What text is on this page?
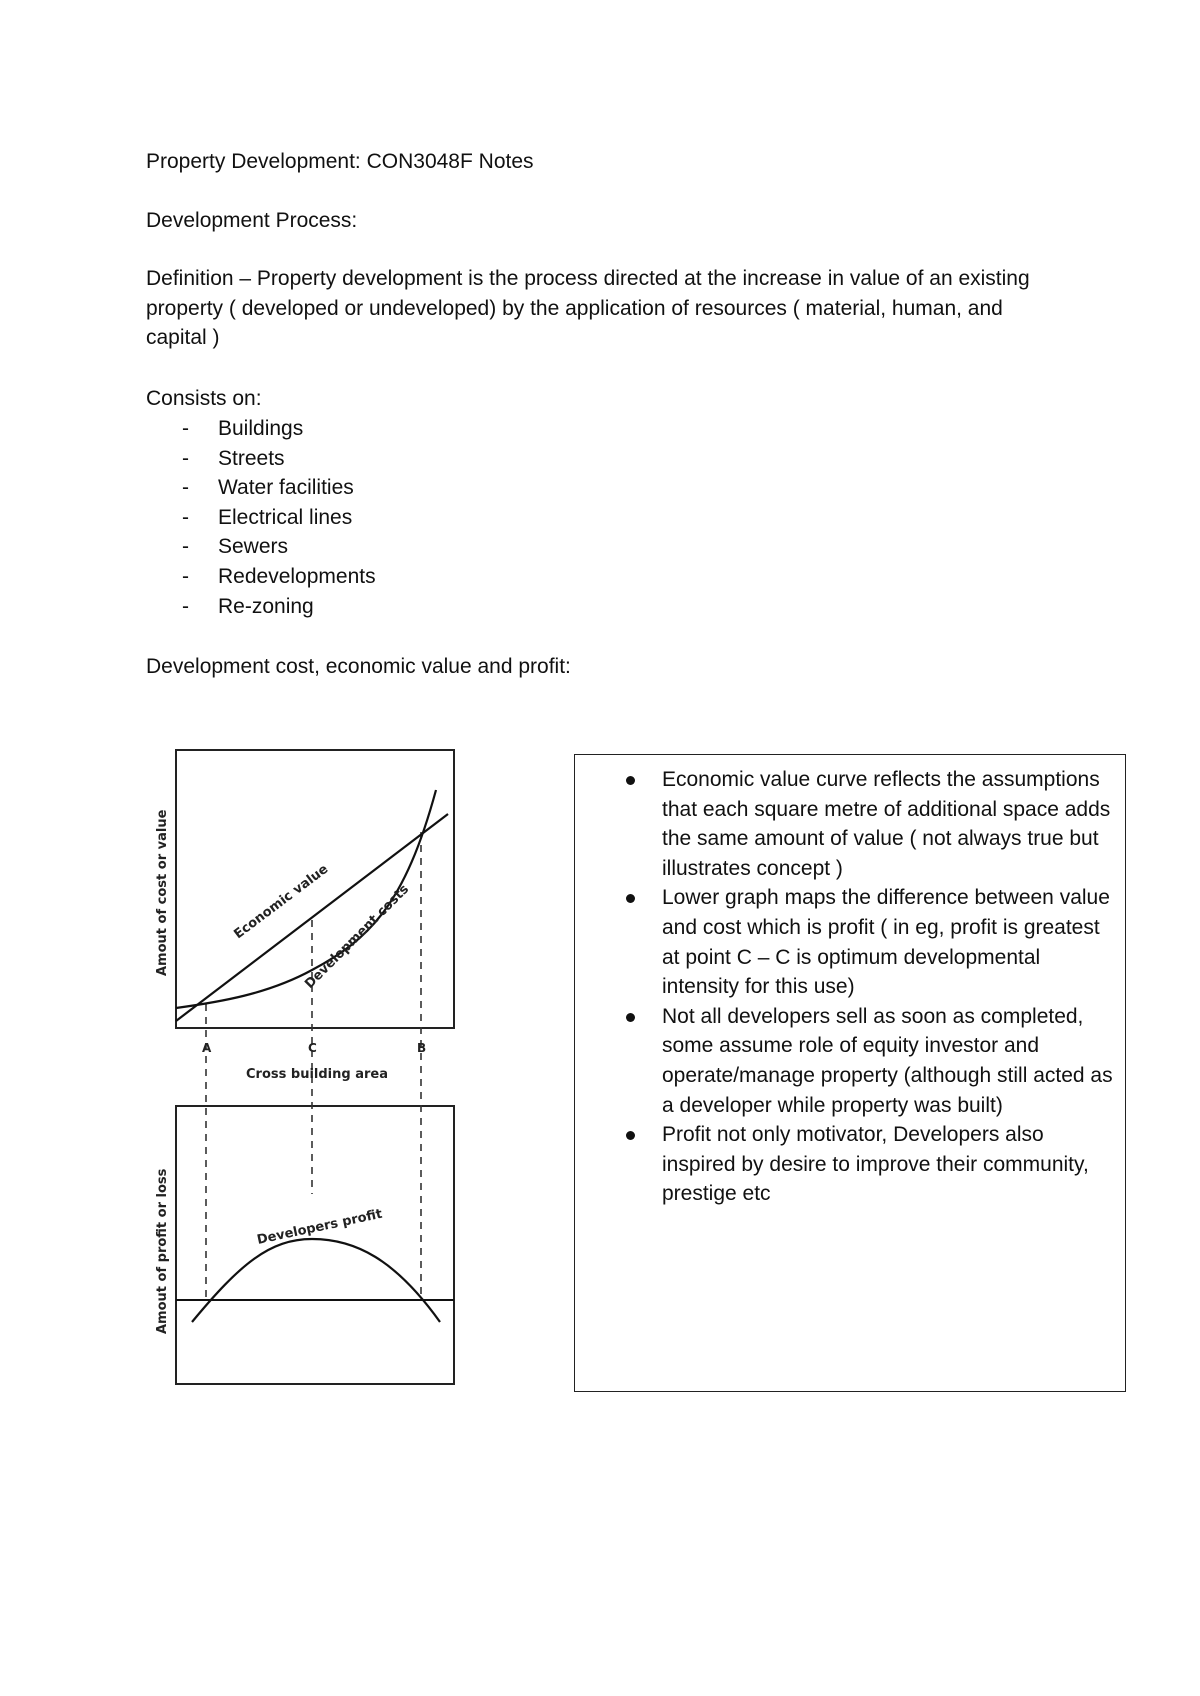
Property Development: CON3048F Notes
Development Process:
Definition – Property development is the process directed at the increase in value of an existing property ( developed or undeveloped) by the application of resources ( material, human, and capital )
Consists on:
- Buildings
- Streets
- Water facilities
- Electrical lines
- Sewers
- Redevelopments
- Re-zoning
Development cost, economic value and profit:
Economic value
Development costs
Developers profit
A	C	B
Cross building area
Amout of cost or value
Amout of profit or loss
Economic value curve reflects the assumptions that each square metre of additional space adds the same amount of value ( not always true but illustrates concept )
Lower graph maps the difference between value and cost which is profit ( in eg, profit is greatest at point C – C is optimum developmental intensity for this use)
Not all developers sell as soon as completed, some assume role of equity investor and operate/manage property (although still acted as a developer while property was built)
Profit not only motivator, Developers also inspired by desire to improve their community, prestige etc
